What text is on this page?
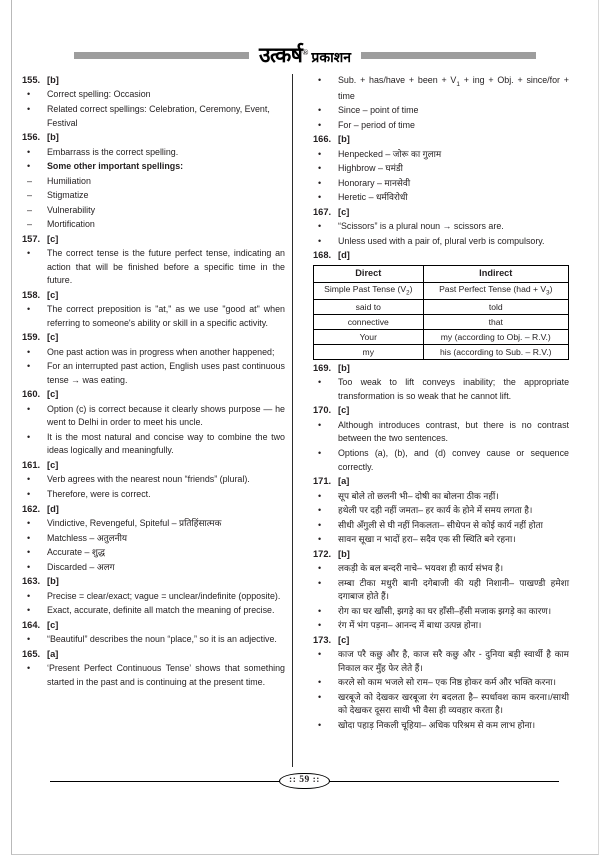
उत्कर्ष ® प्रकाशन
155. [b]
•	Correct spelling: Occasion
•	Related correct spellings: Celebration, Ceremony, Event, Festival
156. [b]
•	Embarrass is the correct spelling.
•	Some other important spellings:
–	Humiliation
–	Stigmatize
–	Vulnerability
–	Mortification
157. [c]
•	The correct tense is the future perfect tense, indicating an action that will be finished before a specific time in the future.
158. [c]
•	The correct preposition is "at," as we use "good at" when referring to someone's ability or skill in a specific activity.
159. [c]
•	One past action was in progress when another happened;
•	For an interrupted past action, English uses past continuous tense → was eating.
160. [c]
•	Option (c) is correct because it clearly shows purpose — he went to Delhi in order to meet his uncle.
•	It is the most natural and concise way to combine the two ideas logically and meaningfully.
161. [c]
•	Verb agrees with the nearest noun “friends” (plural).
•	Therefore, were is correct.
162. [d]
•	Vindictive, Revengeful, Spiteful – प्रतिहिंसात्मक
•	Matchless – अतुलनीय
•	Accurate – शुद्ध
•	Discarded – अलग
163. [b]
•	Precise = clear/exact; vague = unclear/indefinite (opposite).
•	Exact, accurate, definite all match the meaning of precise.
164. [c]
•	“Beautiful” describes the noun “place,” so it is an adjective.
165. [a]
•	‘Present Perfect Continuous Tense’ shows that something started in the past and is continuing at the present time.
•	Sub. + has/have + been + $V_1$ + ing + Obj. + since/for + time
•	Since – point of time
•	For – period of time
166. [b]
•	Henpecked – जोरू का गुलाम
•	Highbrow – घमंडी
•	Honorary – मानसेवी
•	Heretic – धर्मविरोधी
167. [c]
•	“Scissors” is a plural noun → scissors are.
•	Unless used with a pair of, plural verb is compulsory.
168. [d]
Direct	Indirect
Simple Past Tense $(V_2)$	Past Perfect Tense $(had + V_3)$
said to	told
connective	that
Your	my (according to Obj. – R.V.)
my	his (according to Sub. – R.V.)
169. [b]
•	Too weak to lift conveys inability; the appropriate transformation is so weak that he cannot lift.
170. [c]
•	Although introduces contrast, but there is no contrast between the two sentences.
•	Options (a), (b), and (d) convey cause or sequence correctly.
171. [a]
•	सूप बोले तो छलनी भी– दोषी का बोलना ठीक नहीं।
•	हथेली पर दही नहीं जमता– हर कार्य के होने में समय लगता है।
•	सीधी अँगुली से घी नहीं निकलता– सीधेपन से कोई कार्य नहीं होता
•	सावन सूखा न भादों हरा– सदैव एक सी स्थिति बने रहना।
172. [b]
•	लकड़ी के बल बन्दरी नाचे– भयवश ही कार्य संभव है।
•	लम्बा टीका मधुरी बानी दगेबाजी की यही निशानी– पाखण्डी हमेशा दगाबाज होते हैं।
•	रोग का घर खाँसी, झगड़े का घर हाँसी–हँसी मजाक झगड़े का कारण।
•	रंग में भंग पड़ना– आनन्द में बाधा उत्पन्न होना।
173. [c]
•	काज परै कछु और है, काज सरै कछु और - दुनिया बड़ी स्वार्थी है काम निकाल कर मुँह फेर लेते हैं।
•	करले सो काम भजले सो राम– एक निष्ठ होकर कर्म और भक्ति करना।
•	खरबूजे को देखकर खरबूजा रंग बदलता है– स्पर्धावश काम करना।/साथी को देखकर दूसरा साथी भी वैसा ही व्यवहार करता है।
•	खोदा पहाड़ निकली चूहिया– अधिक परिश्रम से कम लाभ होना।
:: 59 ::
